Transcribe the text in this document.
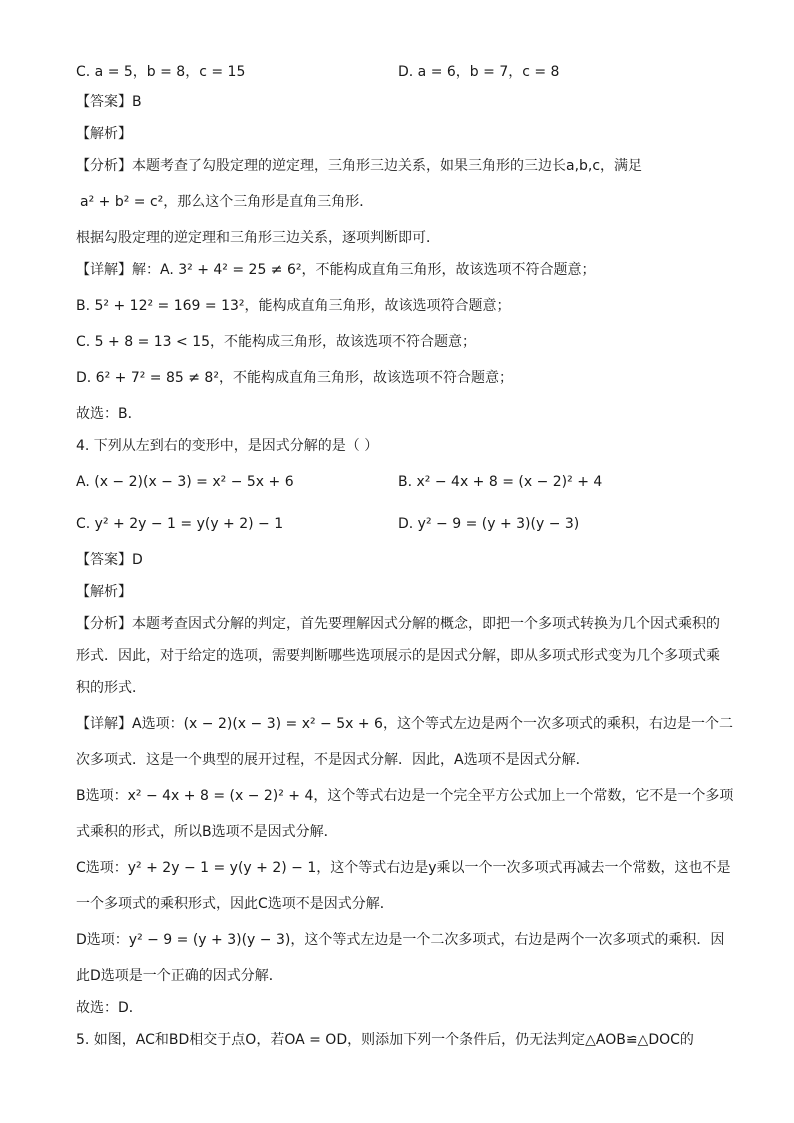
C. a = 5，b = 8，c = 15	D. a = 6，b = 7，c = 8
【答案】B
【解析】
【分析】本题考查了勾股定理的逆定理，三角形三边关系，如果三角形的三边长a,b,c，满足
a² + b² = c²，那么这个三角形是直角三角形．
根据勾股定理的逆定理和三角形三边关系，逐项判断即可．
【详解】解：A. 3² + 4² = 25 ≠ 6²，不能构成直角三角形，故该选项不符合题意；
B. 5² + 12² = 169 = 13²，能构成直角三角形，故该选项符合题意；
C. 5 + 8 = 13 < 15，不能构成三角形，故该选项不符合题意；
D. 6² + 7² = 85 ≠ 8²，不能构成直角三角形，故该选项不符合题意；
故选：B．
4. 下列从左到右的变形中，是因式分解的是（ ）
A. (x − 2)(x − 3) = x² − 5x + 6	B. x² − 4x + 8 = (x − 2)² + 4
C. y² + 2y − 1 = y(y + 2) − 1	D. y² − 9 = (y + 3)(y − 3)
【答案】D
【解析】
【分析】本题考查因式分解的判定，首先要理解因式分解的概念，即把一个多项式转换为几个因式乘积的
形式．因此，对于给定的选项，需要判断哪些选项展示的是因式分解，即从多项式形式变为几个多项式乘
积的形式．
【详解】A选项：(x − 2)(x − 3) = x² − 5x + 6，这个等式左边是两个一次多项式的乘积，右边是一个二
次多项式．这是一个典型的展开过程，不是因式分解．因此，A选项不是因式分解．
B选项：x² − 4x + 8 = (x − 2)² + 4，这个等式右边是一个完全平方公式加上一个常数，它不是一个多项
式乘积的形式，所以B选项不是因式分解．
C选项：y² + 2y − 1 = y(y + 2) − 1，这个等式右边是y乘以一个一次多项式再减去一个常数，这也不是
一个多项式的乘积形式，因此C选项不是因式分解．
D选项：y² − 9 = (y + 3)(y − 3)，这个等式左边是一个二次多项式，右边是两个一次多项式的乘积．因
此D选项是一个正确的因式分解．
故选：D．
5. 如图，AC和BD相交于点O，若OA = OD，则添加下列一个条件后，仍无法判定△AOB≌△DOC的
